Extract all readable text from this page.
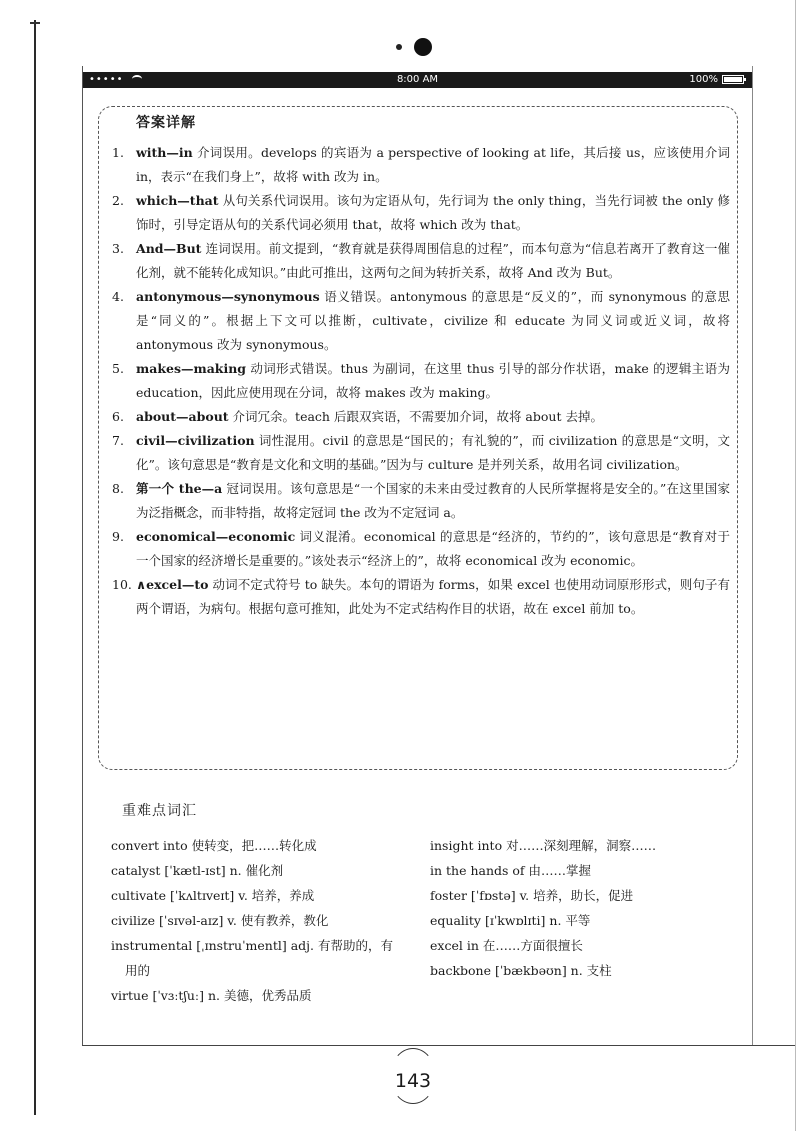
•••••	8:00 AM	100%
答案详解
1. with—in 介词误用。develops 的宾语为 a perspective of looking at life，其后接 us，应该使用介词 in，表示“在我们身上”，故将 with 改为 in。
2. which—that 从句关系代词误用。该句为定语从句，先行词为 the only thing，当先行词被 the only 修饰时，引导定语从句的关系代词必须用 that，故将 which 改为 that。
3. And—But 连词误用。前文提到，“教育就是获得周围信息的过程”，而本句意为“信息若离开了教育这一催化剂，就不能转化成知识。”由此可推出，这两句之间为转折关系，故将 And 改为 But。
4. antonymous—synonymous 语义错误。antonymous 的意思是“反义的”，而 synonymous 的意思是“同义的”。根据上下文可以推断，cultivate，civilize 和 educate 为同义词或近义词，故将 antonymous 改为 synonymous。
5. makes—making 动词形式错误。thus 为副词，在这里 thus 引导的部分作状语，make 的逻辑主语为 education，因此应使用现在分词，故将 makes 改为 making。
6. about—about 介词冗余。teach 后跟双宾语，不需要加介词，故将 about 去掉。
7. civil—civilization 词性混用。civil 的意思是“国民的；有礼貌的”，而 civilization 的意思是“文明，文化”。该句意思是“教育是文化和文明的基础。”因为与 culture 是并列关系，故用名词 civilization。
8. 第一个 the—a 冠词误用。该句意思是“一个国家的未来由受过教育的人民所掌握将是安全的。”在这里国家为泛指概念，而非特指，故将定冠词 the 改为不定冠词 a。
9. economical—economic 词义混淆。economical 的意思是“经济的，节约的”，该句意思是“教育对于一个国家的经济增长是重要的。”该处表示“经济上的”，故将 economical 改为 economic。
10. ∧excel—to 动词不定式符号 to 缺失。本句的谓语为 forms，如果 excel 也使用动词原形形式，则句子有两个谓语，为病句。根据句意可推知，此处为不定式结构作目的状语，故在 excel 前加 to。
重难点词汇
convert into 使转变，把……转化成
catalyst [ˈkætl-ɪst] n. 催化剂
cultivate [ˈkʌltɪveɪt] v. 培养，养成
civilize [ˈsɪvəl-aɪz] v. 使有教养，教化
instrumental [ˌɪnstruˈmentl] adj. 有帮助的，有
用的
virtue [ˈvɜːtʃuː] n. 美德，优秀品质
insight into 对……深刻理解，洞察……
in the hands of 由……掌握
foster [ˈfɒstə] v. 培养，助长，促进
equality [ɪˈkwɒlɪti] n. 平等
excel in 在……方面很擅长
backbone [ˈbækbəʊn] n. 支柱
143
